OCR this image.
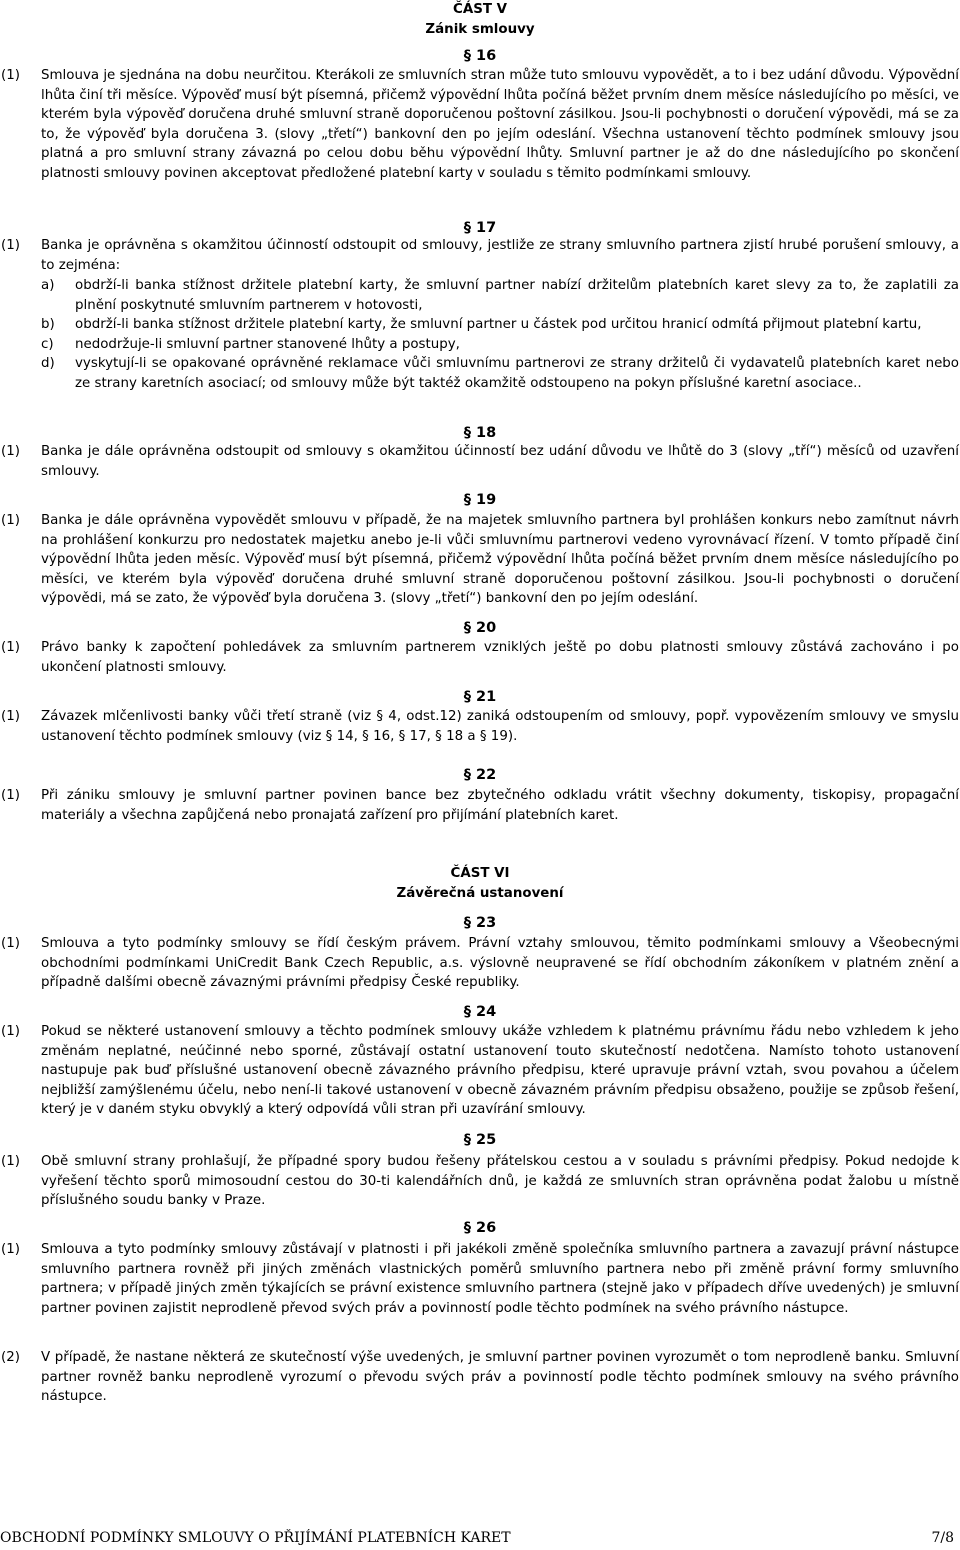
ČÁST V
Zánik smlouvy
§ 16
(1) Smlouva je sjednána na dobu neurčitou. Kterákoli ze smluvních stran může tuto smlouvu vypovědět, a to i bez udání důvodu. Výpovědní lhůta činí tři měsíce. Výpověď musí být písemná, přičemž výpovědní lhůta počíná běžet prvním dnem měsíce následujícího po měsíci, ve kterém byla výpověď doručena druhé smluvní straně doporučenou poštovní zásilkou. Jsou-li pochybnosti o doručení výpovědi, má se za to, že výpověď byla doručena 3. (slovy „třetí“) bankovní den po jejím odeslání. Všechna ustanovení těchto podmínek smlouvy jsou platná a pro smluvní strany závazná po celou dobu běhu výpovědní lhůty. Smluvní partner je až do dne následujícího po skončení platnosti smlouvy povinen akceptovat předložené platební karty v souladu s těmito podmínkami smlouvy.
§ 17
(1) Banka je oprávněna s okamžitou účinností odstoupit od smlouvy, jestliže ze strany smluvního partnera zjistí hrubé porušení smlouvy, a to zejména:
a) obdrží-li banka stížnost držitele platební karty, že smluvní partner nabízí držitelům platebních karet slevy za to, že zaplatili za plnění poskytnuté smluvním partnerem v hotovosti,
b) obdrží-li banka stížnost držitele platební karty, že smluvní partner u částek pod určitou hranicí odmítá přijmout platební kartu,
c) nedodržuje-li smluvní partner stanovené lhůty a postupy,
d) vyskytují-li se opakované oprávněné reklamace vůči smluvnímu partnerovi ze strany držitelů či vydavatelů platebních karet nebo ze strany karetních asociací; od smlouvy může být taktéž okamžitě odstoupeno na pokyn příslušné karetní asociace..
§ 18
(1) Banka je dále oprávněna odstoupit od smlouvy s okamžitou účinností bez udání důvodu ve lhůtě do 3 (slovy „tří“) měsíců od uzavření smlouvy.
§ 19
(1) Banka je dále oprávněna vypovědět smlouvu v případě, že na majetek smluvního partnera byl prohlášen konkurs nebo zamítnut návrh na prohlášení konkurzu pro nedostatek majetku anebo je-li vůči smluvnímu partnerovi vedeno vyrovnávací řízení. V tomto případě činí výpovědní lhůta jeden měsíc. Výpověď musí být písemná, přičemž výpovědní lhůta počíná běžet prvním dnem měsíce následujícího po měsíci, ve kterém byla výpověď doručena druhé smluvní straně doporučenou poštovní zásilkou. Jsou-li pochybnosti o doručení výpovědi, má se zato, že výpověď byla doručena 3. (slovy „třetí“) bankovní den po jejím odeslání.
§ 20
(1) Právo banky k započtení pohledávek za smluvním partnerem vzniklých ještě po dobu platnosti smlouvy zůstává zachováno i po ukončení platnosti smlouvy.
§ 21
(1) Závazek mlčenlivosti banky vůči třetí straně (viz § 4, odst.12) zaniká odstoupením od smlouvy, popř. vypovězením smlouvy ve smyslu ustanovení těchto podmínek smlouvy (viz § 14, § 16, § 17, § 18 a § 19).
§ 22
(1) Při zániku smlouvy je smluvní partner povinen bance bez zbytečného odkladu vrátit všechny dokumenty, tiskopisy, propagační materiály a všechna zapůjčená nebo pronajatá zařízení pro přijímání platebních karet.
ČÁST VI
Závěrečná ustanovení
§ 23
(1) Smlouva a tyto podmínky smlouvy se řídí českým právem. Právní vztahy smlouvou, těmito podmínkami smlouvy a Všeobecnými obchodními podmínkami UniCredit Bank Czech Republic, a.s. výslovně neupravené se řídí obchodním zákoníkem v platném znění a případně dalšími obecně závaznými právními předpisy České republiky.
§ 24
(1) Pokud se některé ustanovení smlouvy a těchto podmínek smlouvy ukáže vzhledem k platnému právnímu řádu nebo vzhledem k jeho změnám neplatné, neúčinné nebo sporné, zůstávají ostatní ustanovení touto skutečností nedotčena. Namísto tohoto ustanovení nastupuje pak buď příslušné ustanovení obecně závazného právního předpisu, které upravuje právní vztah, svou povahou a účelem nejbližší zamýšlenému účelu, nebo není-li takové ustanovení v obecně závazném právním předpisu obsaženo, použije se způsob řešení, který je v daném styku obvyklý a který odpovídá vůli stran při uzavírání smlouvy.
§ 25
(1) Obě smluvní strany prohlašují, že případné spory budou řešeny přátelskou cestou a v souladu s právními předpisy. Pokud nedojde k vyřešení těchto sporů mimosoudní cestou do 30-ti kalendářních dnů, je každá ze smluvních stran oprávněna podat žalobu u místně příslušného soudu banky v Praze.
§ 26
(1) Smlouva a tyto podmínky smlouvy zůstávají v platnosti i při jakékoli změně společníka smluvního partnera a zavazují právní nástupce smluvního partnera rovněž při jiných změnách vlastnických poměrů smluvního partnera nebo při změně právní formy smluvního partnera; v případě jiných změn týkajících se právní existence smluvního partnera (stejně jako v případech dříve uvedených) je smluvní partner povinen zajistit neprodleně převod svých práv a povinností podle těchto podmínek na svého právního nástupce.
(2) V případě, že nastane některá ze skutečností výše uvedených, je smluvní partner povinen vyrozumět o tom neprodleně banku. Smluvní partner rovněž banku neprodleně vyrozumí o převodu svých práv a povinností podle těchto podmínek smlouvy na svého právního nástupce.
OBCHODNÍ PODMÍNKY SMLOUVY O PŘIJÍMÁNÍ PLATEBNÍCH KARET	7/8
